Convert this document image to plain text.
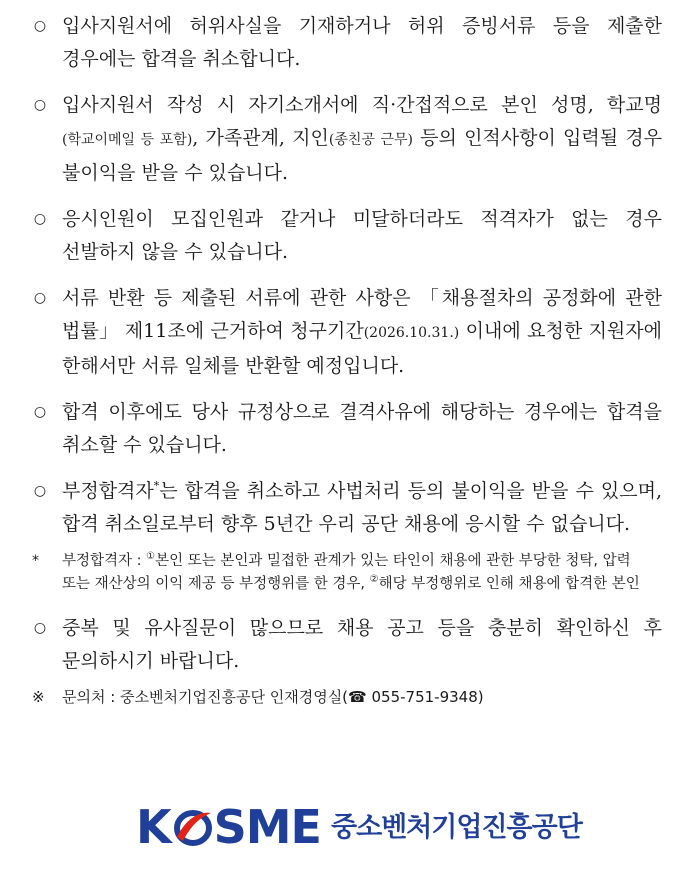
○ 입사지원서에 허위사실을 기재하거나 허위 증빙서류 등을 제출한 경우에는 합격을 취소합니다.
○ 입사지원서 작성 시 자기소개서에 직·간접적으로 본인 성명, 학교명(학교이메일 등 포함), 가족관계, 지인(종친공 근무) 등의 인적사항이 입력될 경우 불이익을 받을 수 있습니다.
○ 응시인원이 모집인원과 같거나 미달하더라도 적격자가 없는 경우 선발하지 않을 수 있습니다.
○ 서류 반환 등 제출된 서류에 관한 사항은 「채용절차의 공정화에 관한 법률」 제11조에 근거하여 청구기간(2026.10.31.) 이내에 요청한 지원자에 한해서만 서류 일체를 반환할 예정입니다.
○ 합격 이후에도 당사 규정상으로 결격사유에 해당하는 경우에는 합격을 취소할 수 있습니다.
○ 부정합격자*는 합격을 취소하고 사법처리 등의 불이익을 받을 수 있으며, 합격 취소일로부터 향후 5년간 우리 공단 채용에 응시할 수 없습니다.
* 부정합격자 : ①본인 또는 본인과 밀접한 관계가 있는 타인이 채용에 관한 부당한 청탁, 압력 또는 재산상의 이익 제공 등 부정행위를 한 경우, ②해당 부정행위로 인해 채용에 합격한 본인
○ 중복 및 유사질문이 많으므로 채용 공고 등을 충분히 확인하신 후 문의하시기 바랍니다.
※ 문의처 : 중소벤처기업진흥공단 인재경영실(☎ 055-751-9348)
K SME 중소벤처기업진흥공단
